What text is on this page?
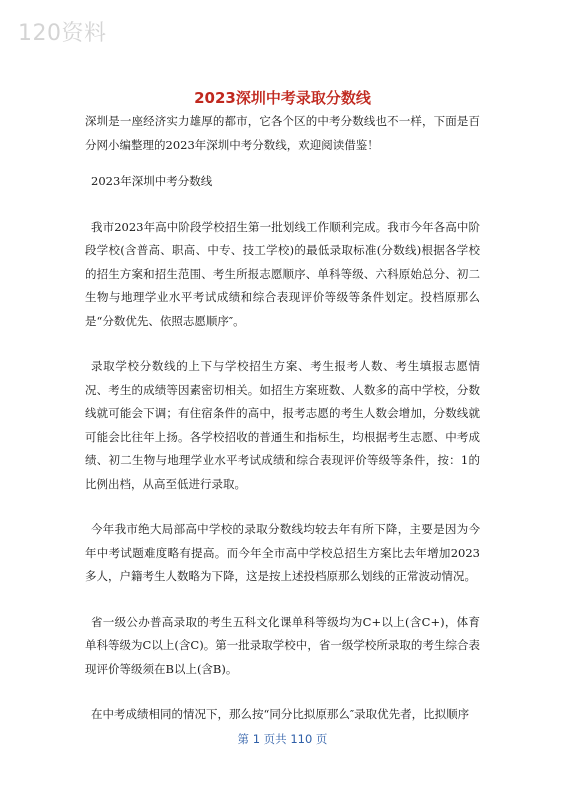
120资料
2023深圳中考录取分数线

深圳是一座经济实力雄厚的都市，它各个区的中考分数线也不一样，下面是百分网小编整理的2023年深圳中考分数线，欢迎阅读借鉴！

2023年深圳中考分数线

我市2023年高中阶段学校招生第一批划线工作顺利完成。我市今年各高中阶段学校(含普高、职高、中专、技工学校)的最低录取标准(分数线)根据各学校的招生方案和招生范围、考生所报志愿顺序、单科等级、六科原始总分、初二生物与地理学业水平考试成绩和综合表现评价等级等条件划定。投档原那么是“分数优先、依照志愿顺序″。

录取学校分数线的上下与学校招生方案、考生报考人数、考生填报志愿情况、考生的成绩等因素密切相关。如招生方案班数、人数多的高中学校，分数线就可能会下调；有住宿条件的高中，报考志愿的考生人数会增加，分数线就可能会比往年上扬。各学校招收的普通生和指标生，均根据考生志愿、中考成绩、初二生物与地理学业水平考试成绩和综合表现评价等级等条件，按：1的比例出档，从高至低进行录取。

今年我市绝大局部高中学校的录取分数线均较去年有所下降，主要是因为今年中考试题难度略有提高。而今年全市高中学校总招生方案比去年增加2023多人，户籍考生人数略为下降，这是按上述投档原那么划线的正常波动情况。

省一级公办普高录取的考生五科文化课单科等级均为C+以上(含C+)，体育单科等级为C以上(含C)。第一批录取学校中，省一级学校所录取的考生综合表现评价等级须在B以上(含B)。

在中考成绩相同的情况下，那么按“同分比拟原那么″录取优先者，比拟顺序

第 1 页共 110 页
